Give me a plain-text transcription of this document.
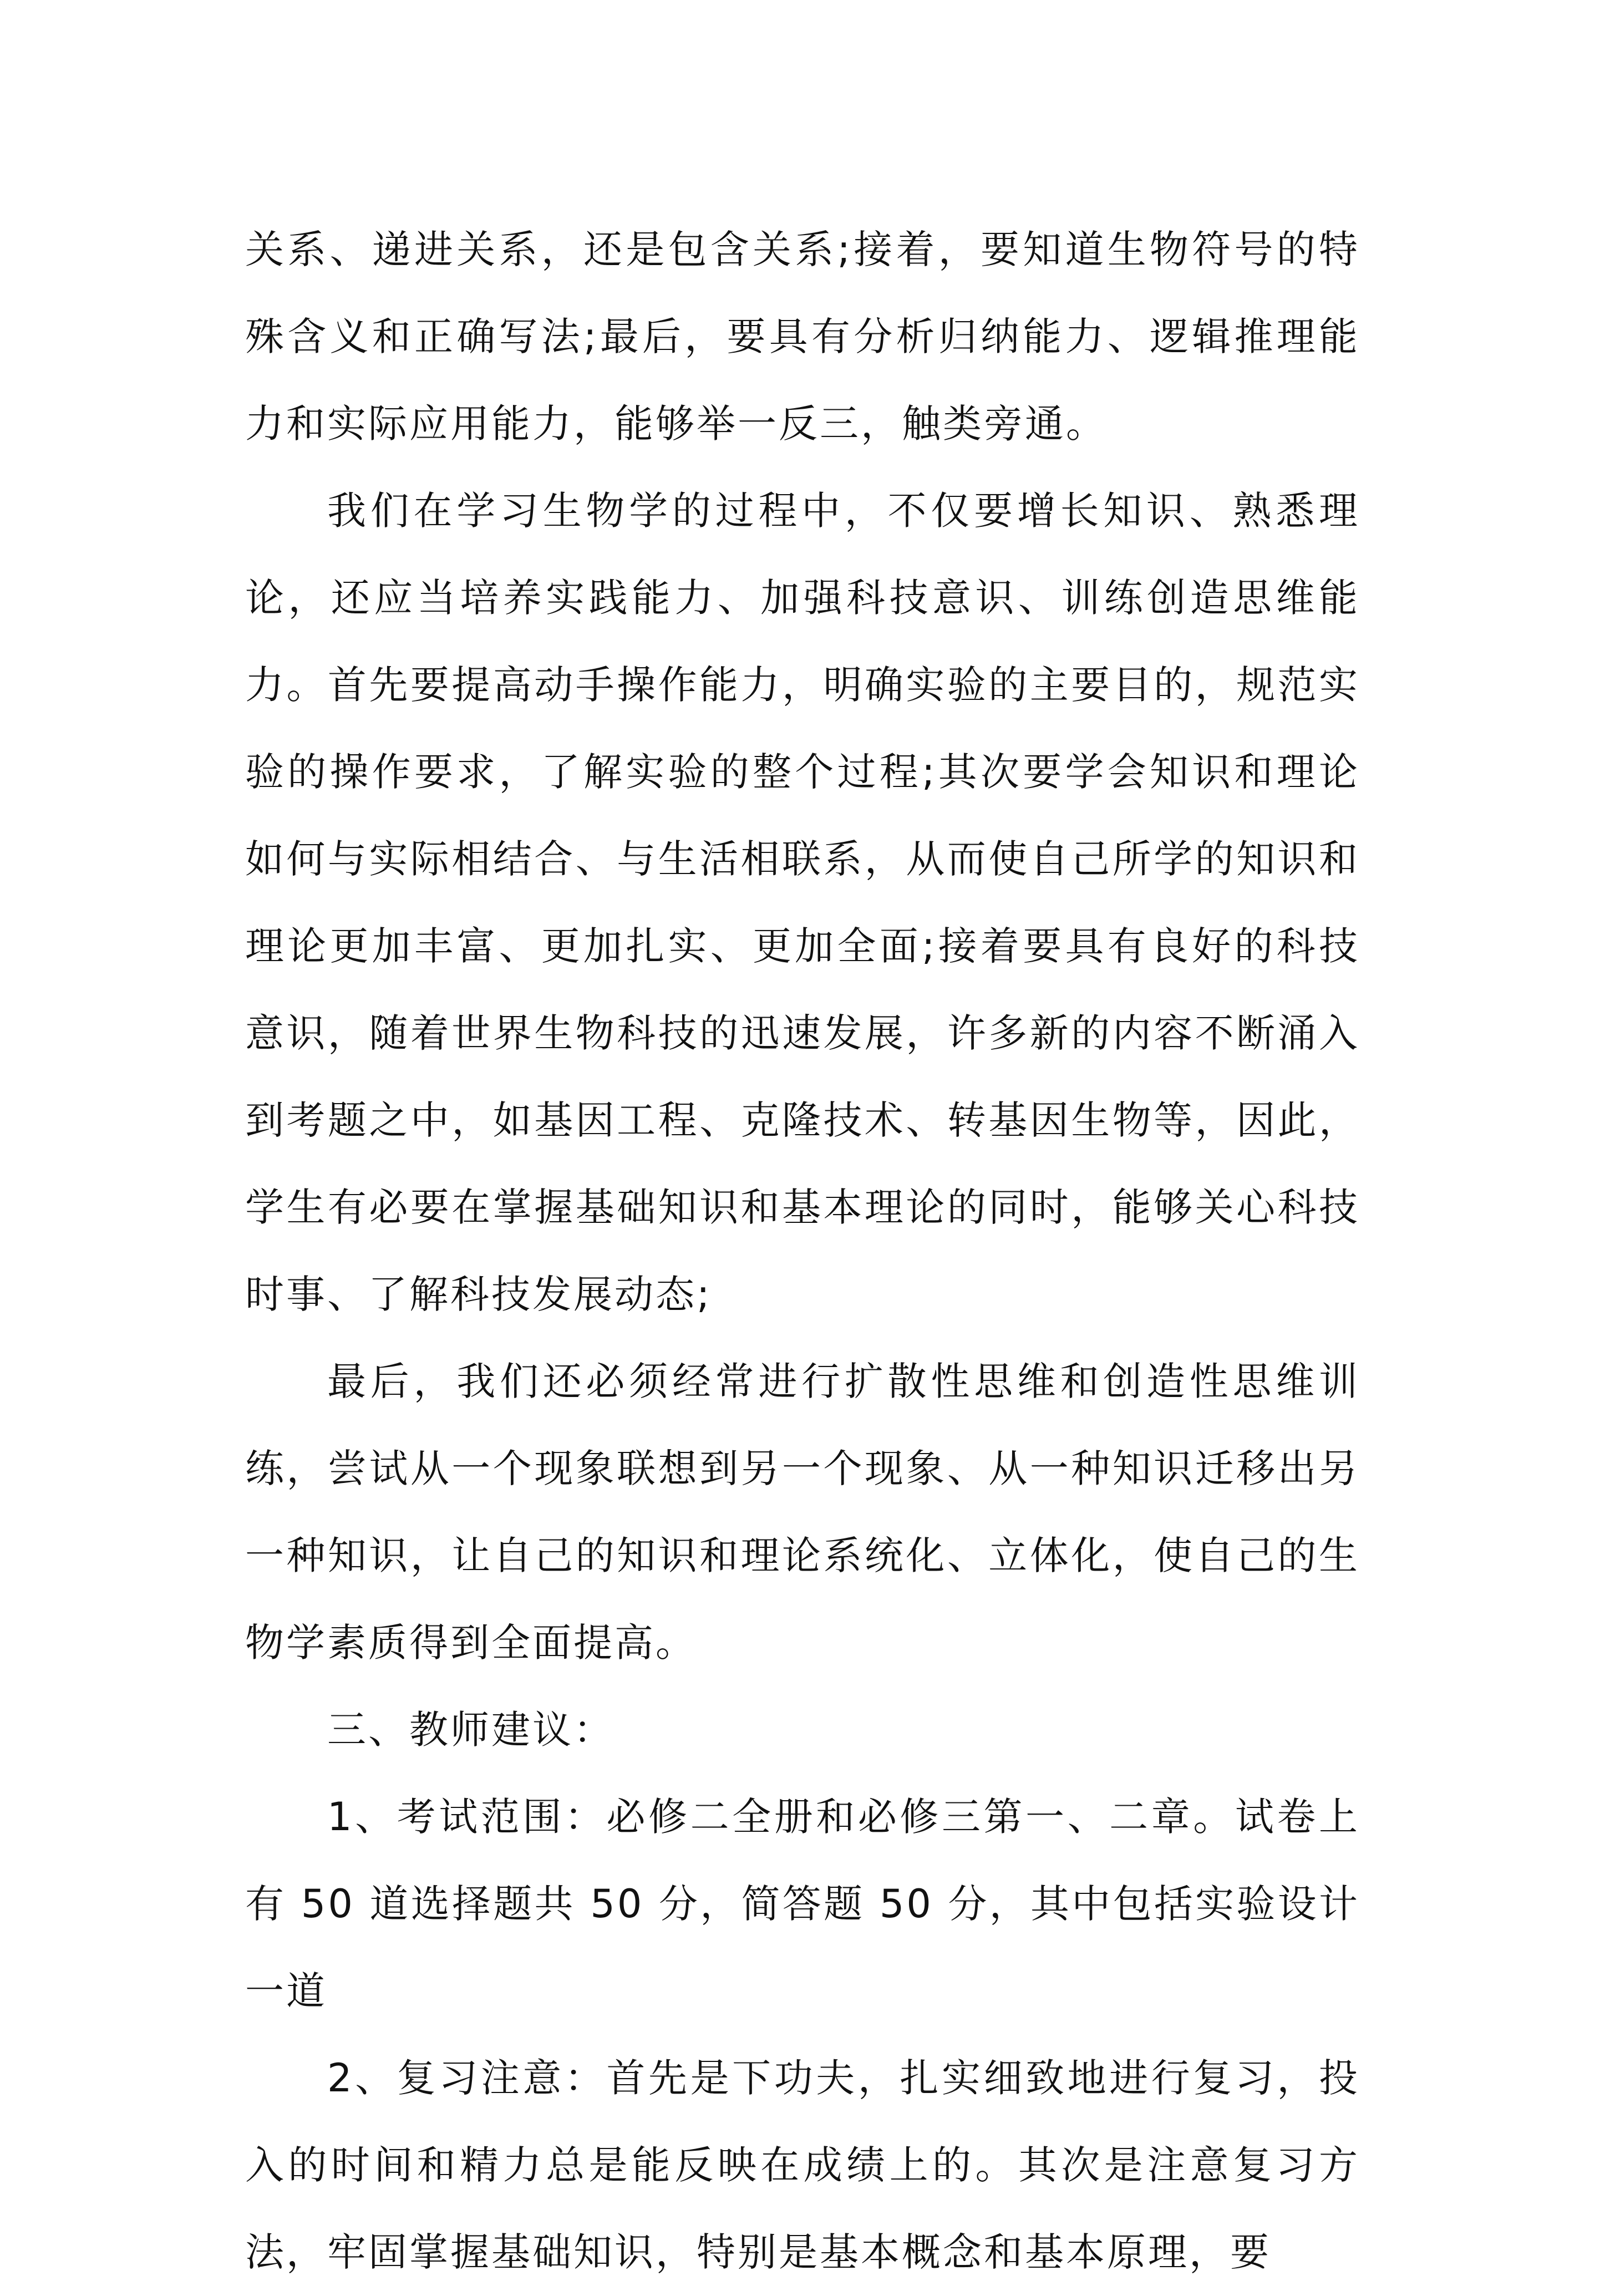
关系、递进关系，还是包含关系;接着，要知道生物符号的特殊含义和正确写法;最后，要具有分析归纳能力、逻辑推理能力和实际应用能力，能够举一反三，触类旁通。

我们在学习生物学的过程中，不仅要增长知识、熟悉理论，还应当培养实践能力、加强科技意识、训练创造思维能力。首先要提高动手操作能力，明确实验的主要目的，规范实验的操作要求，了解实验的整个过程;其次要学会知识和理论如何与实际相结合、与生活相联系，从而使自己所学的知识和理论更加丰富、更加扎实、更加全面;接着要具有良好的科技意识，随着世界生物科技的迅速发展，许多新的内容不断涌入到考题之中，如基因工程、克隆技术、转基因生物等，因此，学生有必要在掌握基础知识和基本理论的同时，能够关心科技时事、了解科技发展动态;

最后，我们还必须经常进行扩散性思维和创造性思维训练，尝试从一个现象联想到另一个现象、从一种知识迁移出另一种知识，让自己的知识和理论系统化、立体化，使自己的生物学素质得到全面提高。

三、教师建议：

1、考试范围：必修二全册和必修三第一、二章。试卷上有 50 道选择题共 50 分，简答题 50 分，其中包括实验设计一道

2、复习注意：首先是下功夫，扎实细致地进行复习，投入的时间和精力总是能反映在成绩上的。其次是注意复习方法，牢固掌握基础知识，特别是基本概念和基本原理，要
